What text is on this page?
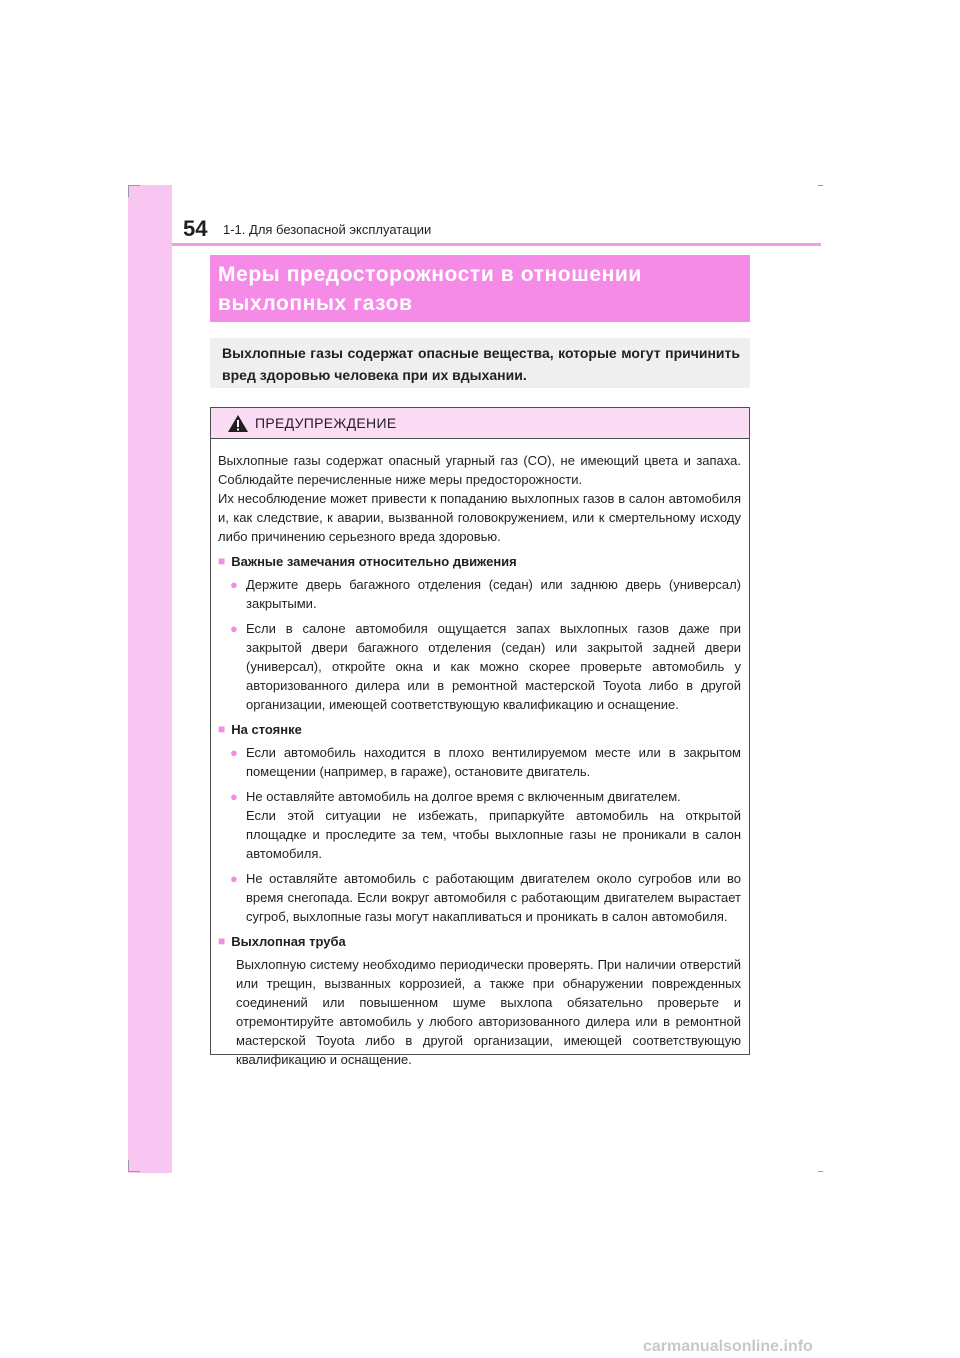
54 1-1. Для безопасной эксплуатации
Меры предосторожности в отношении выхлопных газов
Выхлопные газы содержат опасные вещества, которые могут причинить вред здоровью человека при их вдыхании.
ПРЕДУПРЕЖДЕНИЕ

Выхлопные газы содержат опасный угарный газ (CO), не имеющий цвета и запаха. Соблюдайте перечисленные ниже меры предосторожности.

Их несоблюдение может привести к попаданию выхлопных газов в салон автомобиля и, как следствие, к аварии, вызванной головокружением, или к смертельному исходу либо причинению серьезного вреда здоровью.

■ Важные замечания относительно движения
● Держите дверь багажного отделения (седан) или заднюю дверь (универсал) закрытыми.
● Если в салоне автомобиля ощущается запах выхлопных газов даже при закрытой двери багажного отделения (седан) или закрытой задней двери (универсал), откройте окна и как можно скорее проверьте автомобиль у авторизованного дилера или в ремонтной мастерской Toyota либо в другой организации, имеющей соответствующую квалификацию и оснащение.
■ На стоянке
● Если автомобиль находится в плохо вентилируемом месте или в закрытом помещении (например, в гараже), остановите двигатель.
● Не оставляйте автомобиль на долгое время с включенным двигателем.

Если этой ситуации не избежать, припаркуйте автомобиль на открытой площадке и проследите за тем, чтобы выхлопные газы не проникали в салон автомобиля.

● Не оставляйте автомобиль с работающим двигателем около сугробов или во время снегопада. Если вокруг автомобиля с работающим двигателем вырастает сугроб, выхлопные газы могут накапливаться и проникать в салон автомобиля.
■ Выхлопная труба
Выхлопную систему необходимо периодически проверять. При наличии отверстий или трещин, вызванных коррозией, а также при обнаружении поврежденных соединений или повышенном шуме выхлопа обязательно проверьте и отремонтируйте автомобиль у любого авторизованного дилера или в ремонтной мастерской Toyota либо в другой организации, имеющей соответствующую квалификацию и оснащение.
carmanualsonline.info
